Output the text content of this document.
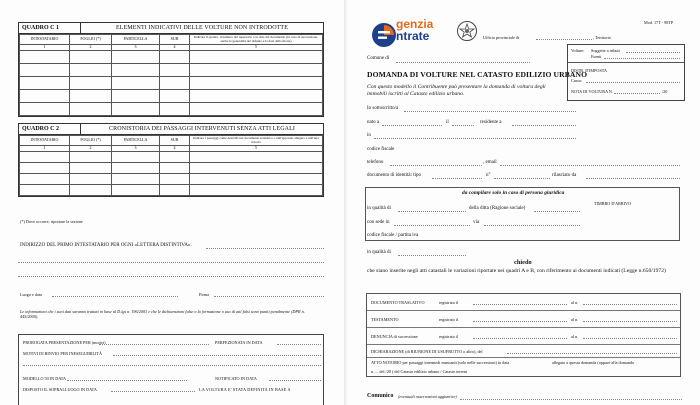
QUADRO C 1	ELEMENTI INDICATIVI DELLE VOLTURE NON INTRODOTTE
INTESTATARIO	FOGLIO (*)	PARTICELLA	SUB	Indicare il quadro, il numero del repertorio o la data del documento (in caso di successione, anche le generalità del defunto e la data della morte)
1	2	3	4	5

QUADRO C 2	CRONISTORIA DEI PASSAGGI INTERVENUTI SENZA ATTI LEGALI
INTESTATARIO	FOGLIO (*)	PARTICELLA	SUB	Indicare i passaggi come descritti nel documento traslativo o nell'apposito allegato a nell'atto notorio
1	2	3	4	5

(*) Dove occorre, riportare la sezione
INDIRIZZO DEL PRIMO INTESTATARIO PER OGNI «LETTERA DISTINTIVA»:
Luogo e data	Firma
Le informazioni che i suoi dati saranno trattati in base al D.lgs n. 196/2003 e che le dichiarazioni false o la formazione o uso di atti falsi sono puniti penalmente (DPR n. 445/2000).
PROROGATA PRESENTAZIONE PER (motivi)	PERFEZIONATA IN DATA
MOTIVI DI RINVIO PER INESEGUIBILITÀ
MODELLO 50 IN DATA	NOTIFICATO IN DATA
DISPOSTO IL SOPRALLUOGO IN DATA	LA VOLTURA E' STATA DEFINITA IN BASE A
genzia
ntrate	Ufficio provinciale di	, Territorio
Mod. 17T - 98TP
Volture: Soggette a tributi
Esenti
DISTR. D'IMPOSTA
Cassa:
NOTA DI VOLTURA N.	/20
Comune di
DOMANDA DI VOLTURE NEL CATASTO EDILIZIO URBANO
Con questo modello il Contribuente può presentare la domanda di voltura degli immobili iscritti al Catasto edilizio urbano.
Io sottoscritto/a
nato a	il	residente a
in
codice fiscale
telefono	, email
documento di identità: tipo	n°	rilasciato da
da compilare solo in caso di persona giuridica
TIMBRO D'ARRIVO
in qualità di	della ditta (Ragione sociale)
con sede in	via
codice fiscale / partita iva
in qualità di
chiedo
che siano inserite negli atti catastali le variazioni riportate nei quadri A e B, con riferimento ai documenti indicati (Legge n.650/1972)
DOCUMENTO TRASLATIVO	registrato il	al n.
TESTAMENTO	registrato il	al n.
DENUNCIA di successione	registrata il	al n.
DICHIARAZIONE (di RIUNIONE DI USUFRUTTO o altro), del
ATTO NOTORIO per passaggi intermedi mancanti (solo nelle successioni) in data	allegato a questa domanda (oppure alla domanda
n. ... del /20 ) del Catasto edilizio urbano / Catasto terreni
Comunico (eventuali osservazioni aggiuntive)
